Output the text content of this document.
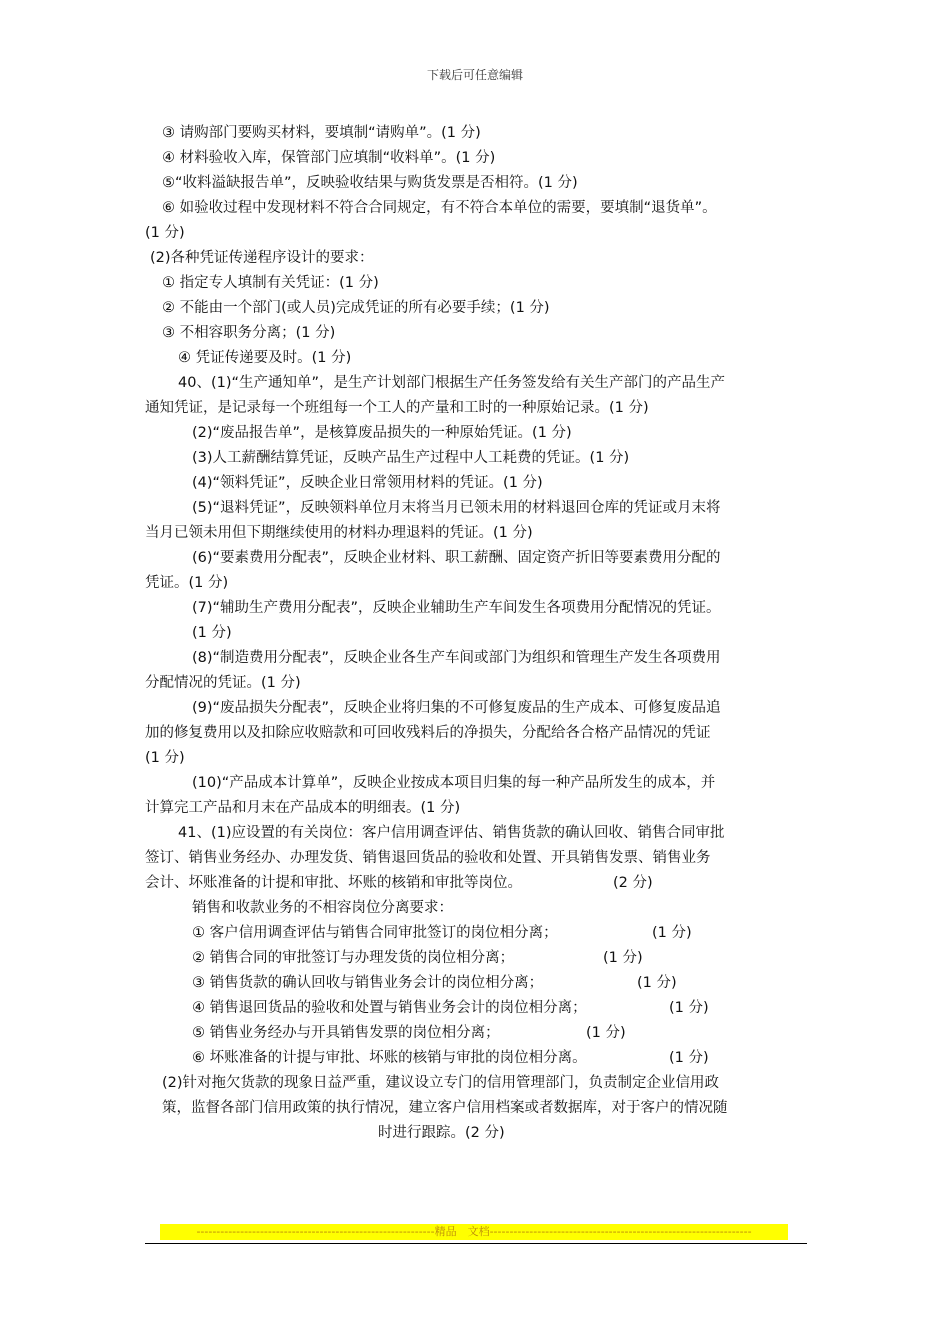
下载后可任意编辑
③ 请购部门要购买材料，要填制“请购单”。(1 分)
④ 材料验收入库，保管部门应填制“收料单”。(1 分)
⑤“收料溢缺报告单”，反映验收结果与购货发票是否相符。(1 分)
⑥ 如验收过程中发现材料不符合合同规定，有不符合本单位的需要，要填制“退货单”。
(1 分)
(2)各种凭证传递程序设计的要求：
① 指定专人填制有关凭证：(1 分)
② 不能由一个部门(或人员)完成凭证的所有必要手续；(1 分)
③ 不相容职务分离；(1 分)
④ 凭证传递要及时。(1 分)
40、(1)“生产通知单”，是生产计划部门根据生产任务签发给有关生产部门的产品生产
通知凭证，是记录每一个班组每一个工人的产量和工时的一种原始记录。(1 分)
(2)“废品报告单”，是核算废品损失的一种原始凭证。(1 分)
(3)人工薪酬结算凭证，反映产品生产过程中人工耗费的凭证。(1 分)
(4)“领料凭证”，反映企业日常领用材料的凭证。(1 分)
(5)“退料凭证”，反映领料单位月末将当月已领未用的材料退回仓库的凭证或月末将
当月已领未用但下期继续使用的材料办理退料的凭证。(1 分)
(6)“要素费用分配表”，反映企业材料、职工薪酬、固定资产折旧等要素费用分配的
凭证。(1 分)
(7)“辅助生产费用分配表”，反映企业辅助生产车间发生各项费用分配情况的凭证。
(1 分)
(8)“制造费用分配表”，反映企业各生产车间或部门为组织和管理生产发生各项费用
分配情况的凭证。(1 分)
(9)“废品损失分配表”，反映企业将归集的不可修复废品的生产成本、可修复废品追
加的修复费用以及扣除应收赔款和可回收残料后的净损失，分配给各合格产品情况的凭证
(1 分)
(10)“产品成本计算单”，反映企业按成本项目归集的每一种产品所发生的成本，并
计算完工产品和月末在产品成本的明细表。(1 分)
41、(1)应设置的有关岗位：客户信用调查评估、销售货款的确认回收、销售合同审批
签订、销售业务经办、办理发货、销售退回货品的验收和处置、开具销售发票、销售业务
会计、坏账准备的计提和审批、坏账的核销和审批等岗位。	(2 分)
销售和收款业务的不相容岗位分离要求：
① 客户信用调查评估与销售合同审批签订的岗位相分离；	(1 分)
② 销售合同的审批签订与办理发货的岗位相分离；	(1 分)
③ 销售货款的确认回收与销售业务会计的岗位相分离；	(1 分)
④ 销售退回货品的验收和处置与销售业务会计的岗位相分离；	(1 分)
⑤ 销售业务经办与开具销售发票的岗位相分离；	(1 分)
⑥ 坏账准备的计提与审批、坏账的核销与审批的岗位相分离。	(1 分)
(2)针对拖欠货款的现象日益严重，建议设立专门的信用管理部门，负责制定企业信用政
策，监督各部门信用政策的执行情况，建立客户信用档案或者数据库，对于客户的情况随
时进行跟踪。(2 分)
------------------------------------------------------------精品　文档------------------------------------------------------------------
